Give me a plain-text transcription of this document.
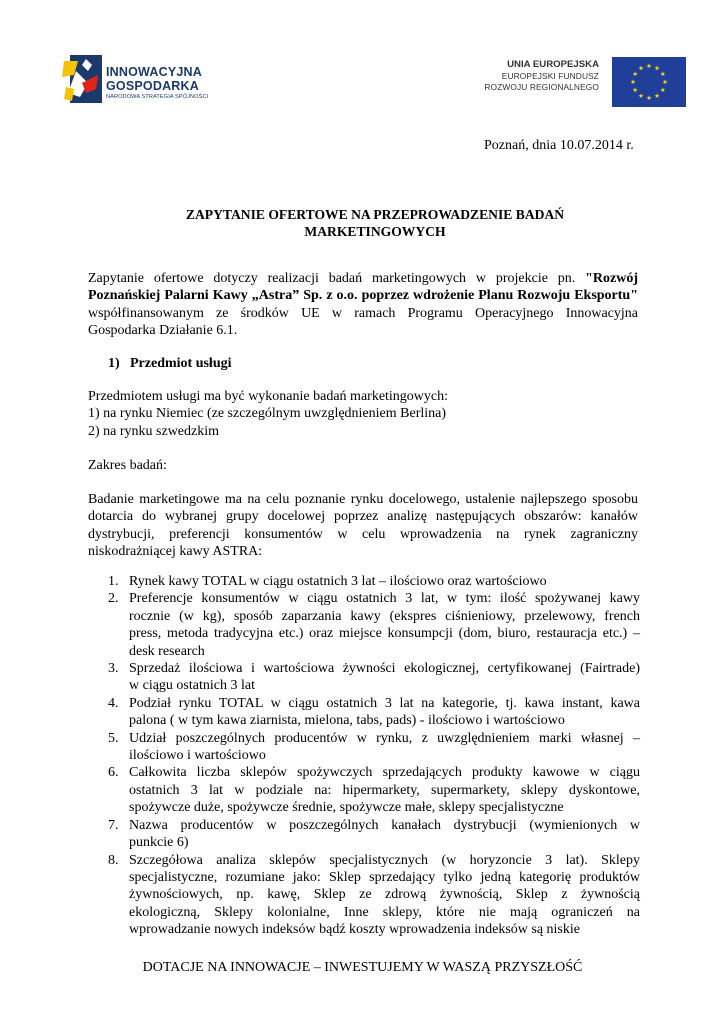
INNOWACYJNA
GOSPODARKA
NARODOWA STRATEGIA SPÓJNOŚCI
UNIA EUROPEJSKA
EUROPEJSKI FUNDUSZ
ROZWOJU REGIONALNEGO
Poznań, dnia 10.07.2014 r.
ZAPYTANIE OFERTOWE NA PRZEPROWADZENIE BADAŃ
MARKETINGOWYCH
Zapytanie ofertowe dotyczy realizacji badań marketingowych w projekcie pn. "Rozwój Poznańskiej Palarni Kawy „Astra” Sp. z o.o. poprzez wdrożenie Planu Rozwoju Eksportu" współfinansowanym ze środków UE w ramach Programu Operacyjnego Innowacyjna Gospodarka Działanie 6.1.
1) Przedmiot usługi
Przedmiotem usługi ma być wykonanie badań marketingowych:
1) na rynku Niemiec (ze szczególnym uwzględnieniem Berlina)
2) na rynku szwedzkim
Zakres badań:
Badanie marketingowe ma na celu poznanie rynku docelowego, ustalenie najlepszego sposobu dotarcia do wybranej grupy docelowej poprzez analizę następujących obszarów: kanałów dystrybucji, preferencji konsumentów w celu wprowadzenia na rynek zagraniczny niskodrażniącej kawy ASTRA:
1. Rynek kawy TOTAL w ciągu ostatnich 3 lat – ilościowo oraz wartościowo
2. Preferencje konsumentów w ciągu ostatnich 3 lat, w tym: ilość spożywanej kawy
rocznie (w kg), sposób zaparzania kawy (ekspres ciśnieniowy, przelewowy, french
press, metoda tradycyjna etc.) oraz miejsce konsumpcji (dom, biuro, restauracja etc.) –
desk research
3. Sprzedaż ilościowa i wartościowa żywności ekologicznej, certyfikowanej (Fairtrade)
w ciągu ostatnich 3 lat
4. Podział rynku TOTAL w ciągu ostatnich 3 lat na kategorie, tj. kawa instant, kawa
palona ( w tym kawa ziarnista, mielona, tabs, pads) - ilościowo i wartościowo
5. Udział poszczególnych producentów w rynku, z uwzględnieniem marki własnej –
ilościowo i wartościowo
6. Całkowita liczba sklepów spożywczych sprzedających produkty kawowe w ciągu
ostatnich 3 lat w podziale na: hipermarkety, supermarkety, sklepy dyskontowe,
spożywcze duże, spożywcze średnie, spożywcze małe, sklepy specjalistyczne
7. Nazwa producentów w poszczególnych kanałach dystrybucji (wymienionych w
punkcie 6)
8. Szczegółowa analiza sklepów specjalistycznych (w horyzoncie 3 lat). Sklepy
specjalistyczne, rozumiane jako: Sklep sprzedający tylko jedną kategorię produktów
żywnościowych, np. kawę, Sklep ze zdrową żywnością, Sklep z żywnością
ekologiczną, Sklepy kolonialne, Inne sklepy, które nie mają ograniczeń na
wprowadzanie nowych indeksów bądź koszty wprowadzenia indeksów są niskie
DOTACJE NA INNOWACJE – INWESTUJEMY W WASZĄ PRZYSZŁOŚĆ
